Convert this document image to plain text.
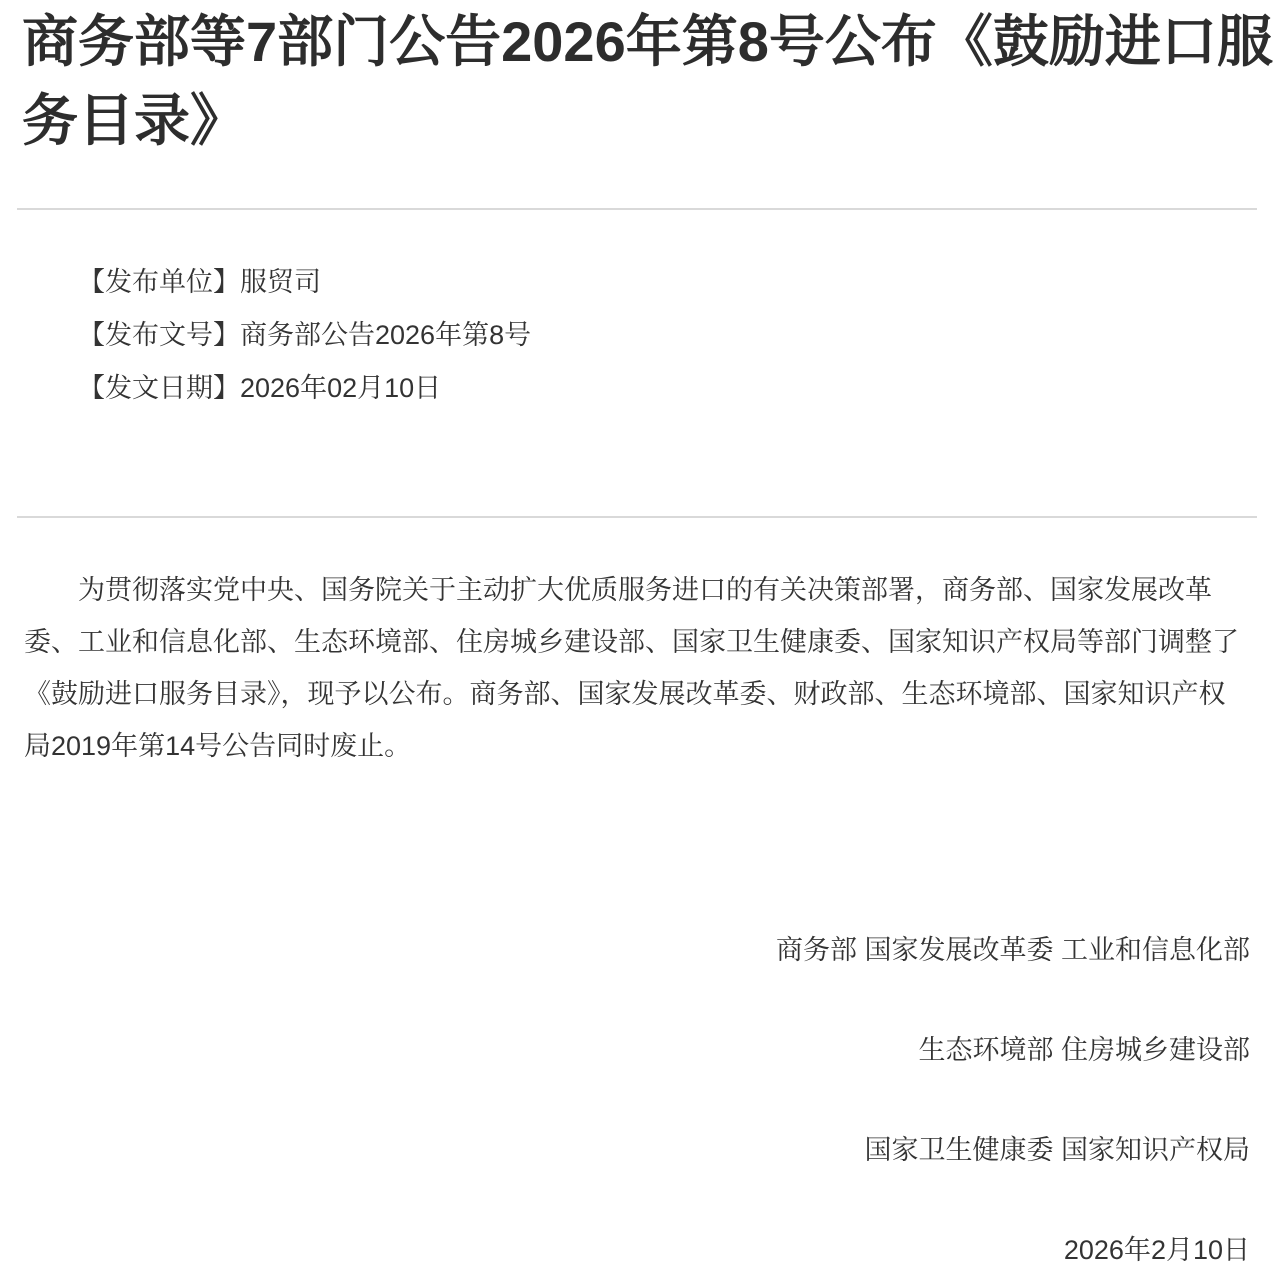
商务部等7部门公告2026年第8号公布《鼓励进口服务目录》

【发布单位】服贸司

【发布文号】商务部公告2026年第8号

【发文日期】2026年02月10日

为贯彻落实党中央、国务院关于主动扩大优质服务进口的有关决策部署，商务部、国家发展改革委、工业和信息化部、生态环境部、住房城乡建设部、国家卫生健康委、国家知识产权局等部门调整了《鼓励进口服务目录》，现予以公布。商务部、国家发展改革委、财政部、生态环境部、国家知识产权局2019年第14号公告同时废止。

商务部 国家发展改革委 工业和信息化部

生态环境部 住房城乡建设部

国家卫生健康委 国家知识产权局

2026年2月10日
